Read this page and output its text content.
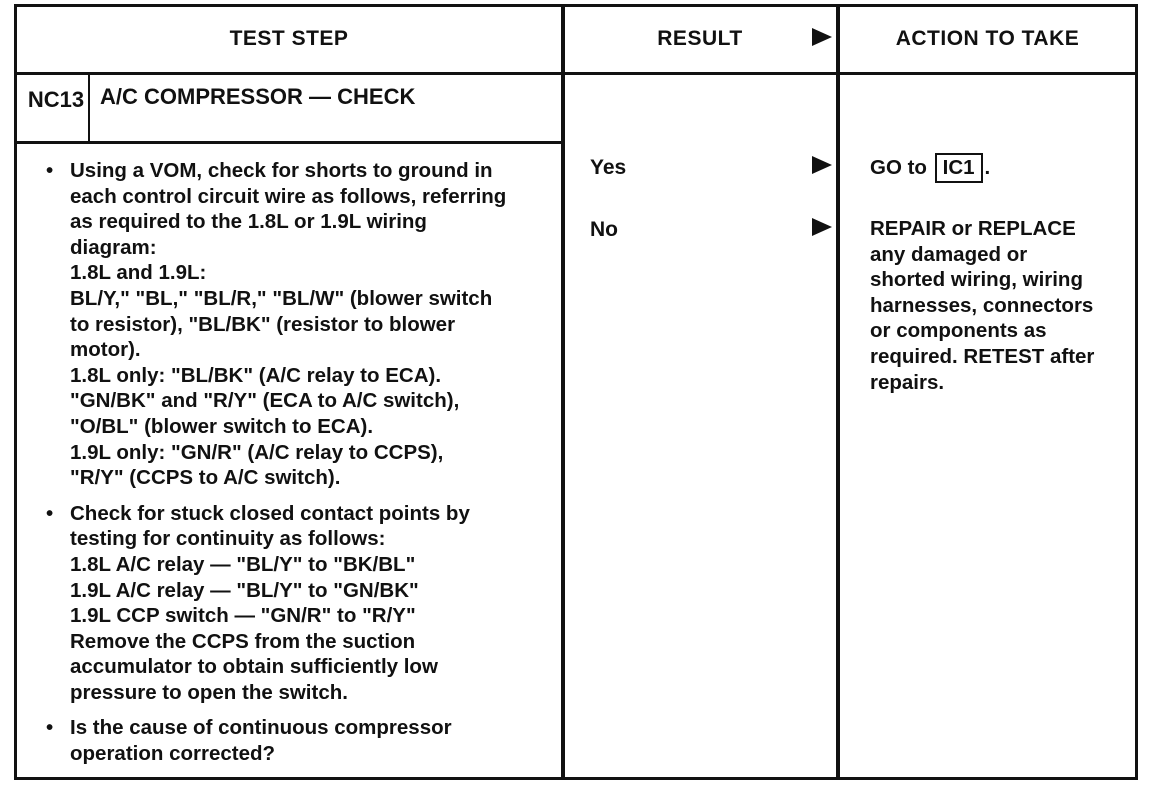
TEST STEP	RESULT	ACTION TO TAKE
NC13 A/C COMPRESSOR — CHECK
• Using a VOM, check for shorts to ground in
each control circuit wire as follows, referring
as required to the 1.8L or 1.9L wiring
diagram:
1.8L and 1.9L:
BL/Y," "BL," "BL/R," "BL/W" (blower switch
to resistor), "BL/BK" (resistor to blower
motor).
1.8L only: "BL/BK" (A/C relay to ECA).
"GN/BK" and "R/Y" (ECA to A/C switch),
"O/BL" (blower switch to ECA).
1.9L only: "GN/R" (A/C relay to CCPS),
"R/Y" (CCPS to A/C switch).
• Check for stuck closed contact points by
testing for continuity as follows:
1.8L A/C relay — "BL/Y" to "BK/BL"
1.9L A/C relay — "BL/Y" to "GN/BK"
1.9L CCP switch — "GN/R" to "R/Y"
Remove the CCPS from the suction
accumulator to obtain sufficiently low
pressure to open the switch.
• Is the cause of continuous compressor
operation corrected?
Yes
No
GO to IC1 .
REPAIR or REPLACE
any damaged or
shorted wiring, wiring
harnesses, connectors
or components as
required. RETEST after
repairs.
